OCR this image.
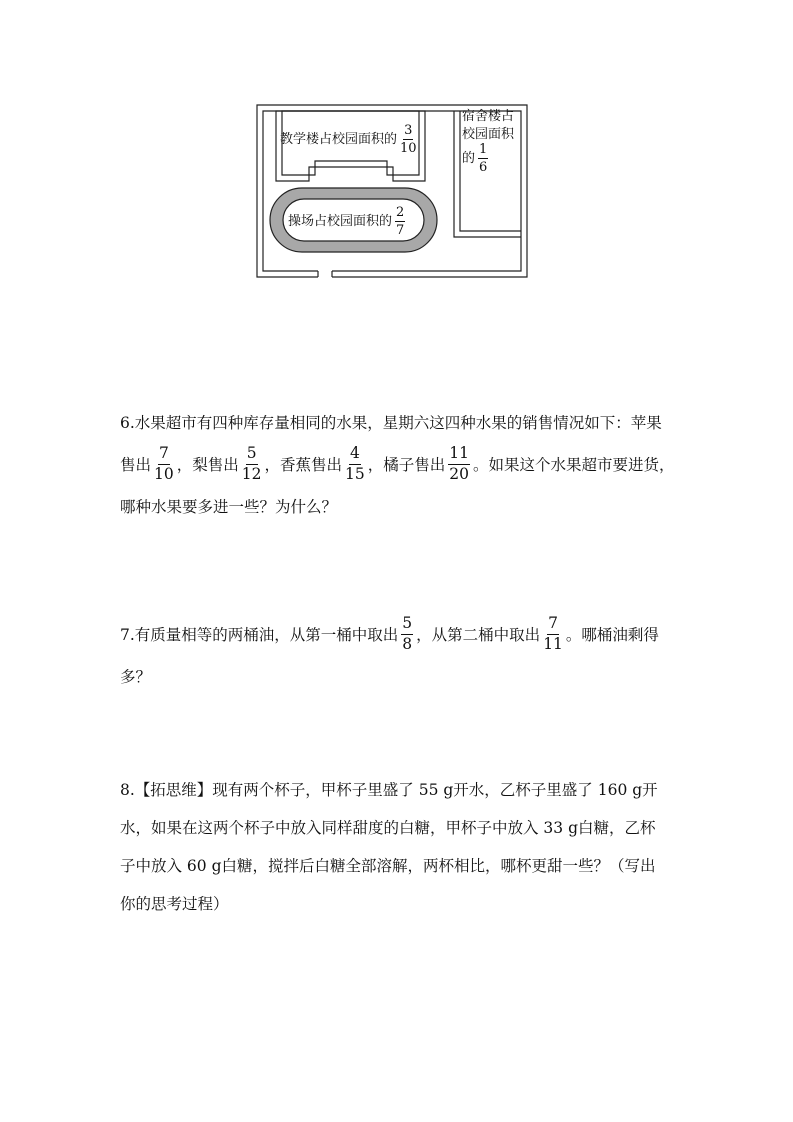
教学楼占校园面积的 $\frac{3}{10}$
宿舍楼占
校园面积
的 $\frac{1}{6}$
操场占校园面积的 $\frac{2}{7}$
6.水果超市有四种库存量相同的水果，星期六这四种水果的销售情况如下：苹果
售出 $\frac{7}{10}$ ，梨售出 $\frac{5}{12}$ ，香蕉售出 $\frac{4}{15}$ ，橘子售出 $\frac{11}{20}$ 。如果这个水果超市要进货，
哪种水果要多进一些？为什么？
7.有质量相等的两桶油，从第一桶中取出 $\frac{5}{8}$ ，从第二桶中取出 $\frac{7}{11}$ 。哪桶油剩得
多？
8.【拓思维】现有两个杯子，甲杯子里盛了 55 g开水，乙杯子里盛了 160 g开
水，如果在这两个杯子中放入同样甜度的白糖，甲杯子中放入 33 g白糖，乙杯
子中放入 60 g白糖，搅拌后白糖全部溶解，两杯相比，哪杯更甜一些？（写出
你的思考过程）
